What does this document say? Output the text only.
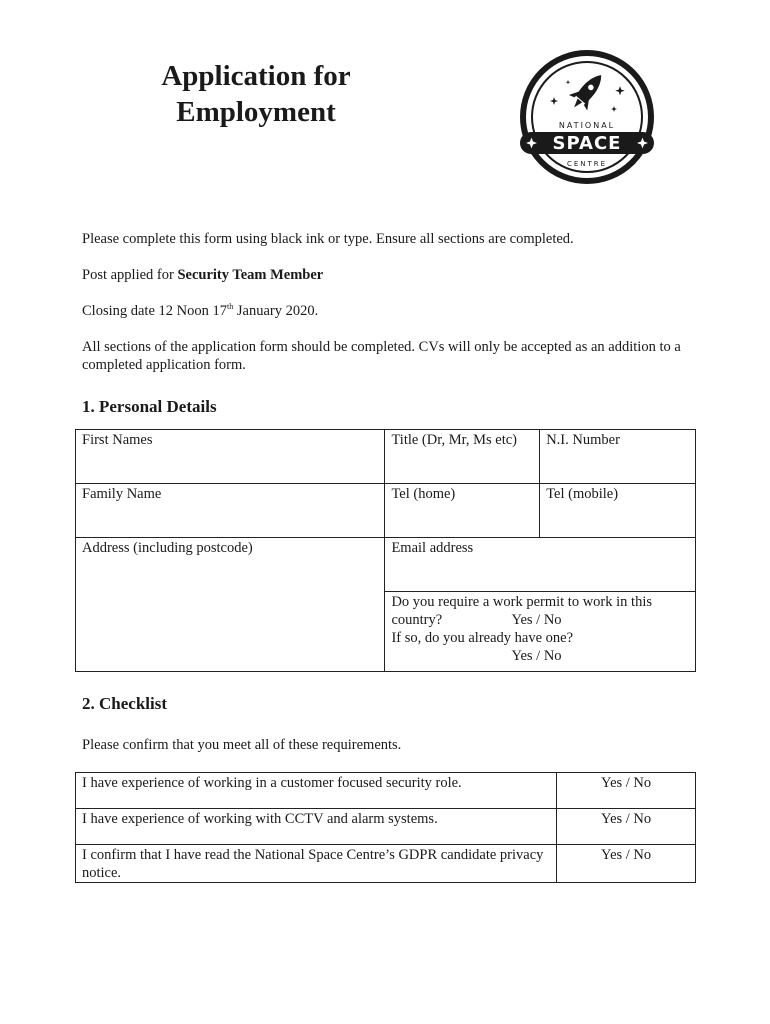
Application for
Employment	NATIONAL
SPACE
CENTRE

Please complete this form using black ink or type. Ensure all sections are completed.

Post applied for Security Team Member

Closing date 12 Noon 17th January 2020.

All sections of the application form should be completed. CVs will only be accepted as an addition to a completed application form.

1. Personal Details
First Names	Title (Dr, Mr, Ms etc)	N.I. Number

Family Name	Tel (home)	Tel (mobile)

Address (including postcode)	Email address	

	Do you require a work permit to work in this
country? Yes / No
If so, do you already have one?
Yes / No	
2. Checklist

Please confirm that you meet all of these requirements.

I have experience of working in a customer focused security role.	Yes / No

I have experience of working with CCTV and alarm systems.	Yes / No

I confirm that I have read the National Space Centre’s GDPR candidate privacy notice.	Yes / No
